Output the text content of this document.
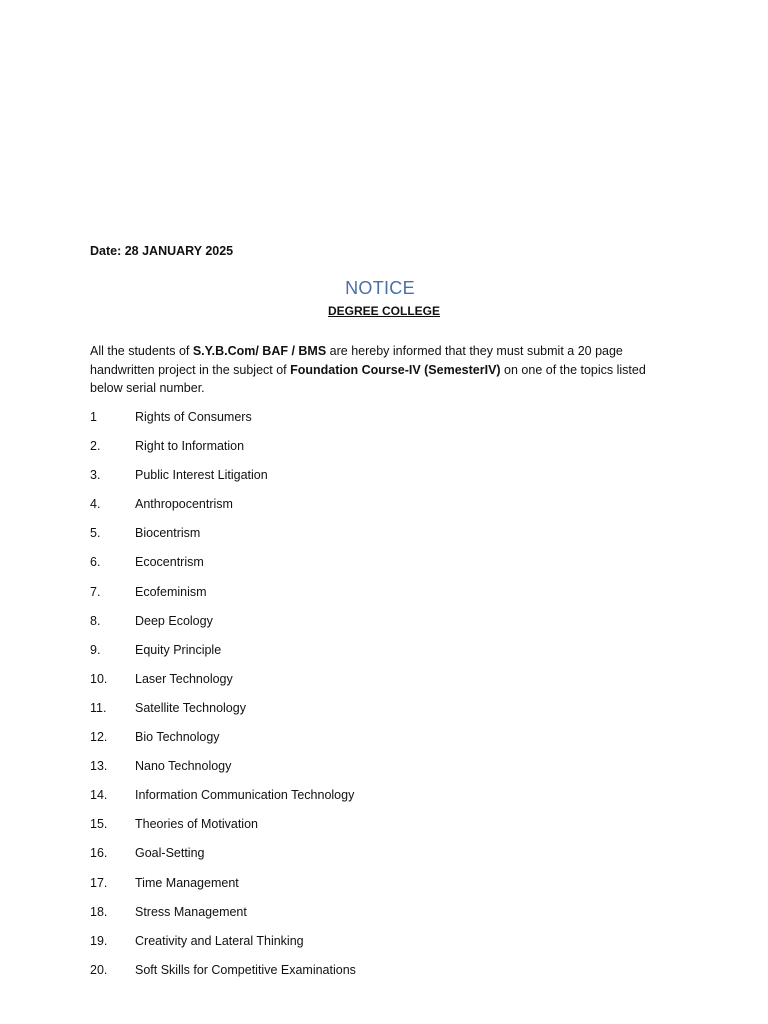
Date: 28 JANUARY 2025
NOTICE
DEGREE COLLEGE
All the students of S.Y.B.Com/ BAF / BMS are hereby informed that they must submit a 20 page handwritten project in the subject of Foundation Course-IV (SemesterIV) on one of the topics listed below serial number.
1	Rights of Consumers
2.	Right to Information
3.	Public Interest Litigation
4.	Anthropocentrism
5.	Biocentrism
6.	Ecocentrism
7.	Ecofeminism
8.	Deep Ecology
9.	Equity Principle
10. Laser Technology
11. Satellite Technology
12. Bio Technology
13. Nano Technology
14. Information Communication Technology
15. Theories of Motivation
16. Goal-Setting
17. Time Management
18. Stress Management
19. Creativity and Lateral Thinking
20. Soft Skills for Competitive Examinations
